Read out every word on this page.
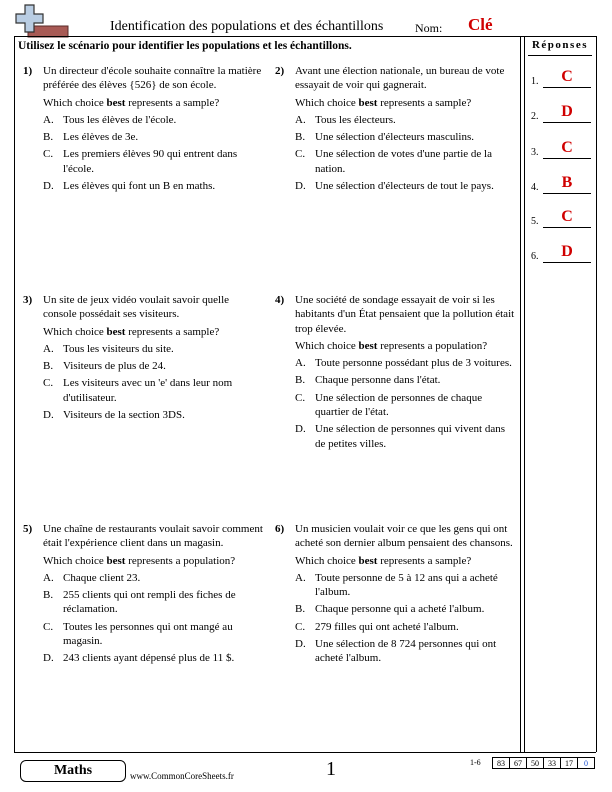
Identification des populations et des échantillons	Nom: Clé
Utilisez le scénario pour identifier les populations et les échantillons.	Réponses
1.	C
2.	D
3.	C
4.	B
5.	C
6.	D
1) Un directeur d'école souhaite connaître la matière préférée des élèves {526} de son école.
Which choice best represents a sample?
A. Tous les élèves de l'école.
B. Les élèves de 3e.
C. Les premiers élèves 90 qui entrent dans l'école.
D. Les élèves qui font un B en maths.
2) Avant une élection nationale, un bureau de vote essayait de voir qui gagnerait.
Which choice best represents a sample?
A. Tous les électeurs.
B. Une sélection d'électeurs masculins.
C. Une sélection de votes d'une partie de la nation.
D. Une sélection d'électeurs de tout le pays.
3) Un site de jeux vidéo voulait savoir quelle console possédait ses visiteurs.
Which choice best represents a sample?
A. Tous les visiteurs du site.
B. Visiteurs de plus de 24.
C. Les visiteurs avec un 'e' dans leur nom d'utilisateur.
D. Visiteurs de la section 3DS.
4) Une société de sondage essayait de voir si les habitants d'un État pensaient que la pollution était trop élevée.
Which choice best represents a population?
A. Toute personne possédant plus de 3 voitures.
B. Chaque personne dans l'état.
C. Une sélection de personnes de chaque quartier de l'état.
D. Une sélection de personnes qui vivent dans de petites villes.
5) Une chaîne de restaurants voulait savoir comment était l'expérience client dans un magasin.
Which choice best represents a population?
A. Chaque client 23.
B. 255 clients qui ont rempli des fiches de réclamation.
C. Toutes les personnes qui ont mangé au magasin.
D. 243 clients ayant dépensé plus de 11 $.
6) Un musicien voulait voir ce que les gens qui ont acheté son dernier album pensaient des chansons.
Which choice best represents a sample?
A. Toute personne de 5 à 12 ans qui a acheté l'album.
B. Chaque personne qui a acheté l'album.
C. 279 filles qui ont acheté l'album.
D. Une sélection de 8 724 personnes qui ont acheté l'album.
Maths	www.CommonCoreSheets.fr	1	1-6	83	67	50	33	17	0
